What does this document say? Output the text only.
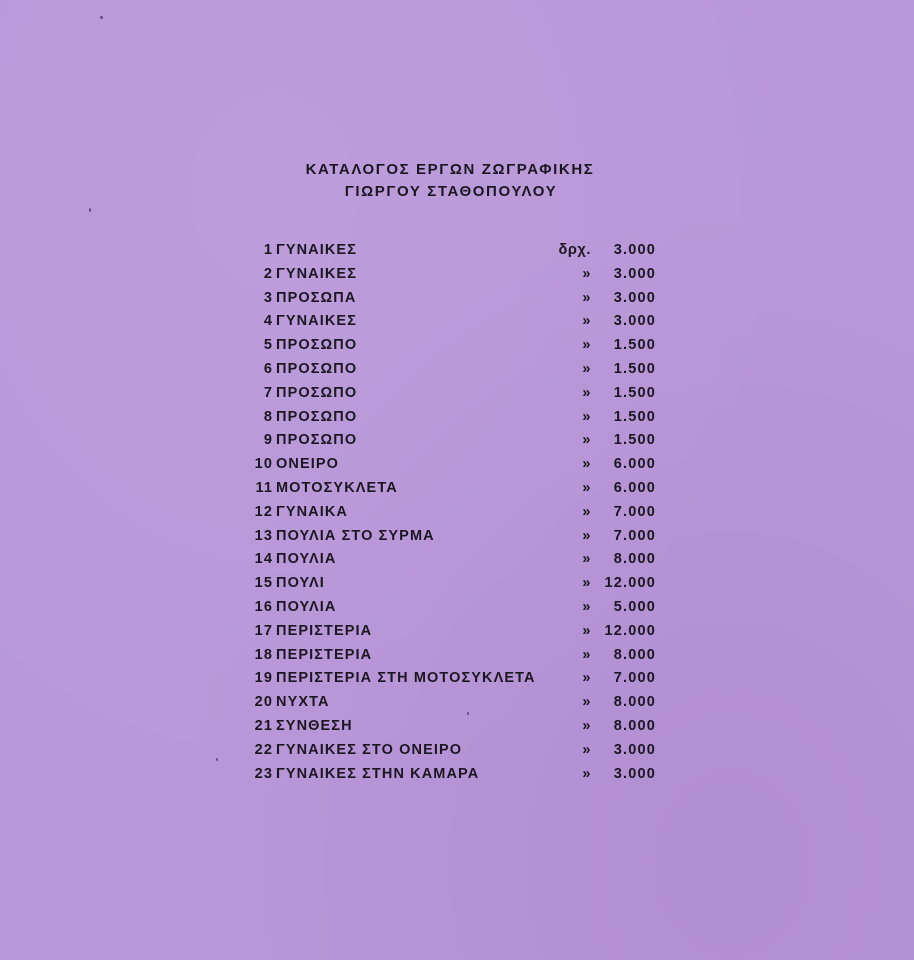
ΚΑΤΑΛΟΓΟΣ ΕΡΓΩΝ ΖΩΓΡΑΦΙΚΗΣ
ΓΙΩΡΓΟΥ ΣΤΑΘΟΠΟΥΛΟΥ
1 ΓΥΝΑΙΚΕΣ	δρχ. 3.000
2 ΓΥΝΑΙΚΕΣ	» 3.000
3 ΠΡΟΣΩΠΑ	» 3.000
4 ΓΥΝΑΙΚΕΣ	» 3.000
5 ΠΡΟΣΩΠΟ	» 1.500
6 ΠΡΟΣΩΠΟ	» 1.500
7 ΠΡΟΣΩΠΟ	» 1.500
8 ΠΡΟΣΩΠΟ	» 1.500
9 ΠΡΟΣΩΠΟ	» 1.500
10 ΟΝΕΙΡΟ	» 6.000
11 ΜΟΤΟΣΥΚΛΕΤΑ	» 6.000
12 ΓΥΝΑΙΚΑ	» 7.000
13 ΠΟΥΛΙΑ ΣΤΟ ΣΥΡΜΑ	» 7.000
14 ΠΟΥΛΙΑ	» 8.000
15 ΠΟΥΛΙ	» 12.000
16 ΠΟΥΛΙΑ	» 5.000
17 ΠΕΡΙΣΤΕΡΙΑ	» 12.000
18 ΠΕΡΙΣΤΕΡΙΑ	» 8.000
19 ΠΕΡΙΣΤΕΡΙΑ ΣΤΗ ΜΟΤΟΣΥΚΛΕΤΑ	» 7.000
20 ΝΥΧΤΑ	» 8.000
21 ΣΥΝΘΕΣΗ	» 8.000
22 ΓΥΝΑΙΚΕΣ ΣΤΟ ΟΝΕΙΡΟ	» 3.000
23 ΓΥΝΑΙΚΕΣ ΣΤΗΝ ΚΑΜΑΡΑ	» 3.000
